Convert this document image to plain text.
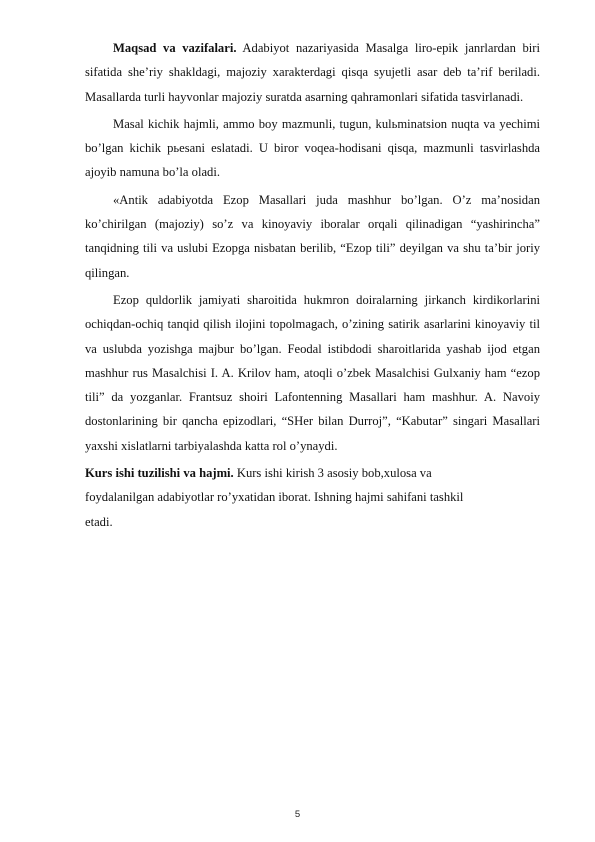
Maqsad va vazifalari. Adabiyot nazariyasida Masalga liro-epik janrlardan biri sifatida she’riy shakldagi, majoziy xarakterdagi qisqa syujetli asar deb ta’rif beriladi. Masallarda turli hayvonlar majoziy suratda asarning qahramonlari sifatida tasvirlanadi.

Masal kichik hajmli, ammo boy mazmunli, tugun, kulьminatsion nuqta va yechimi bo’lgan kichik pьesani eslatadi. U biror voqea-hodisani qisqa, mazmunli tasvirlashda ajoyib namuna bo’la oladi.

«Antik adabiyotda Ezop Masallari juda mashhur bo’lgan. O’z ma’nosidan ko’chirilgan (majoziy) so’z va kinoyaviy iboralar orqali qilinadigan “yashirincha” tanqidning tili va uslubi Ezopga nisbatan berilib, “Ezop tili” deyilgan va shu ta’bir joriy qilingan.

Ezop quldorlik jamiyati sharoitida hukmron doiralarning jirkanch kirdikorlarini ochiqdan-ochiq tanqid qilish ilojini topolmagach, o’zining satirik asarlarini kinoyaviy til va uslubda yozishga majbur bo’lgan. Feodal istibdodi sharoitlarida yashab ijod etgan mashhur rus Masalchisi I. A. Krilov ham, atoqli o’zbek Masalchisi Gulxaniy ham “ezop tili” da yozganlar. Frantsuz shoiri Lafontenning Masallari ham mashhur. A. Navoiy dostonlarining bir qancha epizodlari, “SHer bilan Durroj”, “Kabutar” singari Masallari yaxshi xislatlarni tarbiyalashda katta rol o’ynaydi.

Kurs ishi tuzilishi va hajmi. Kurs ishi kirish 3 asosiy bob,xulosa va foydalanilgan adabiyotlar ro’yxatidan iborat. Ishning hajmi sahifani tashkil etadi.

5
